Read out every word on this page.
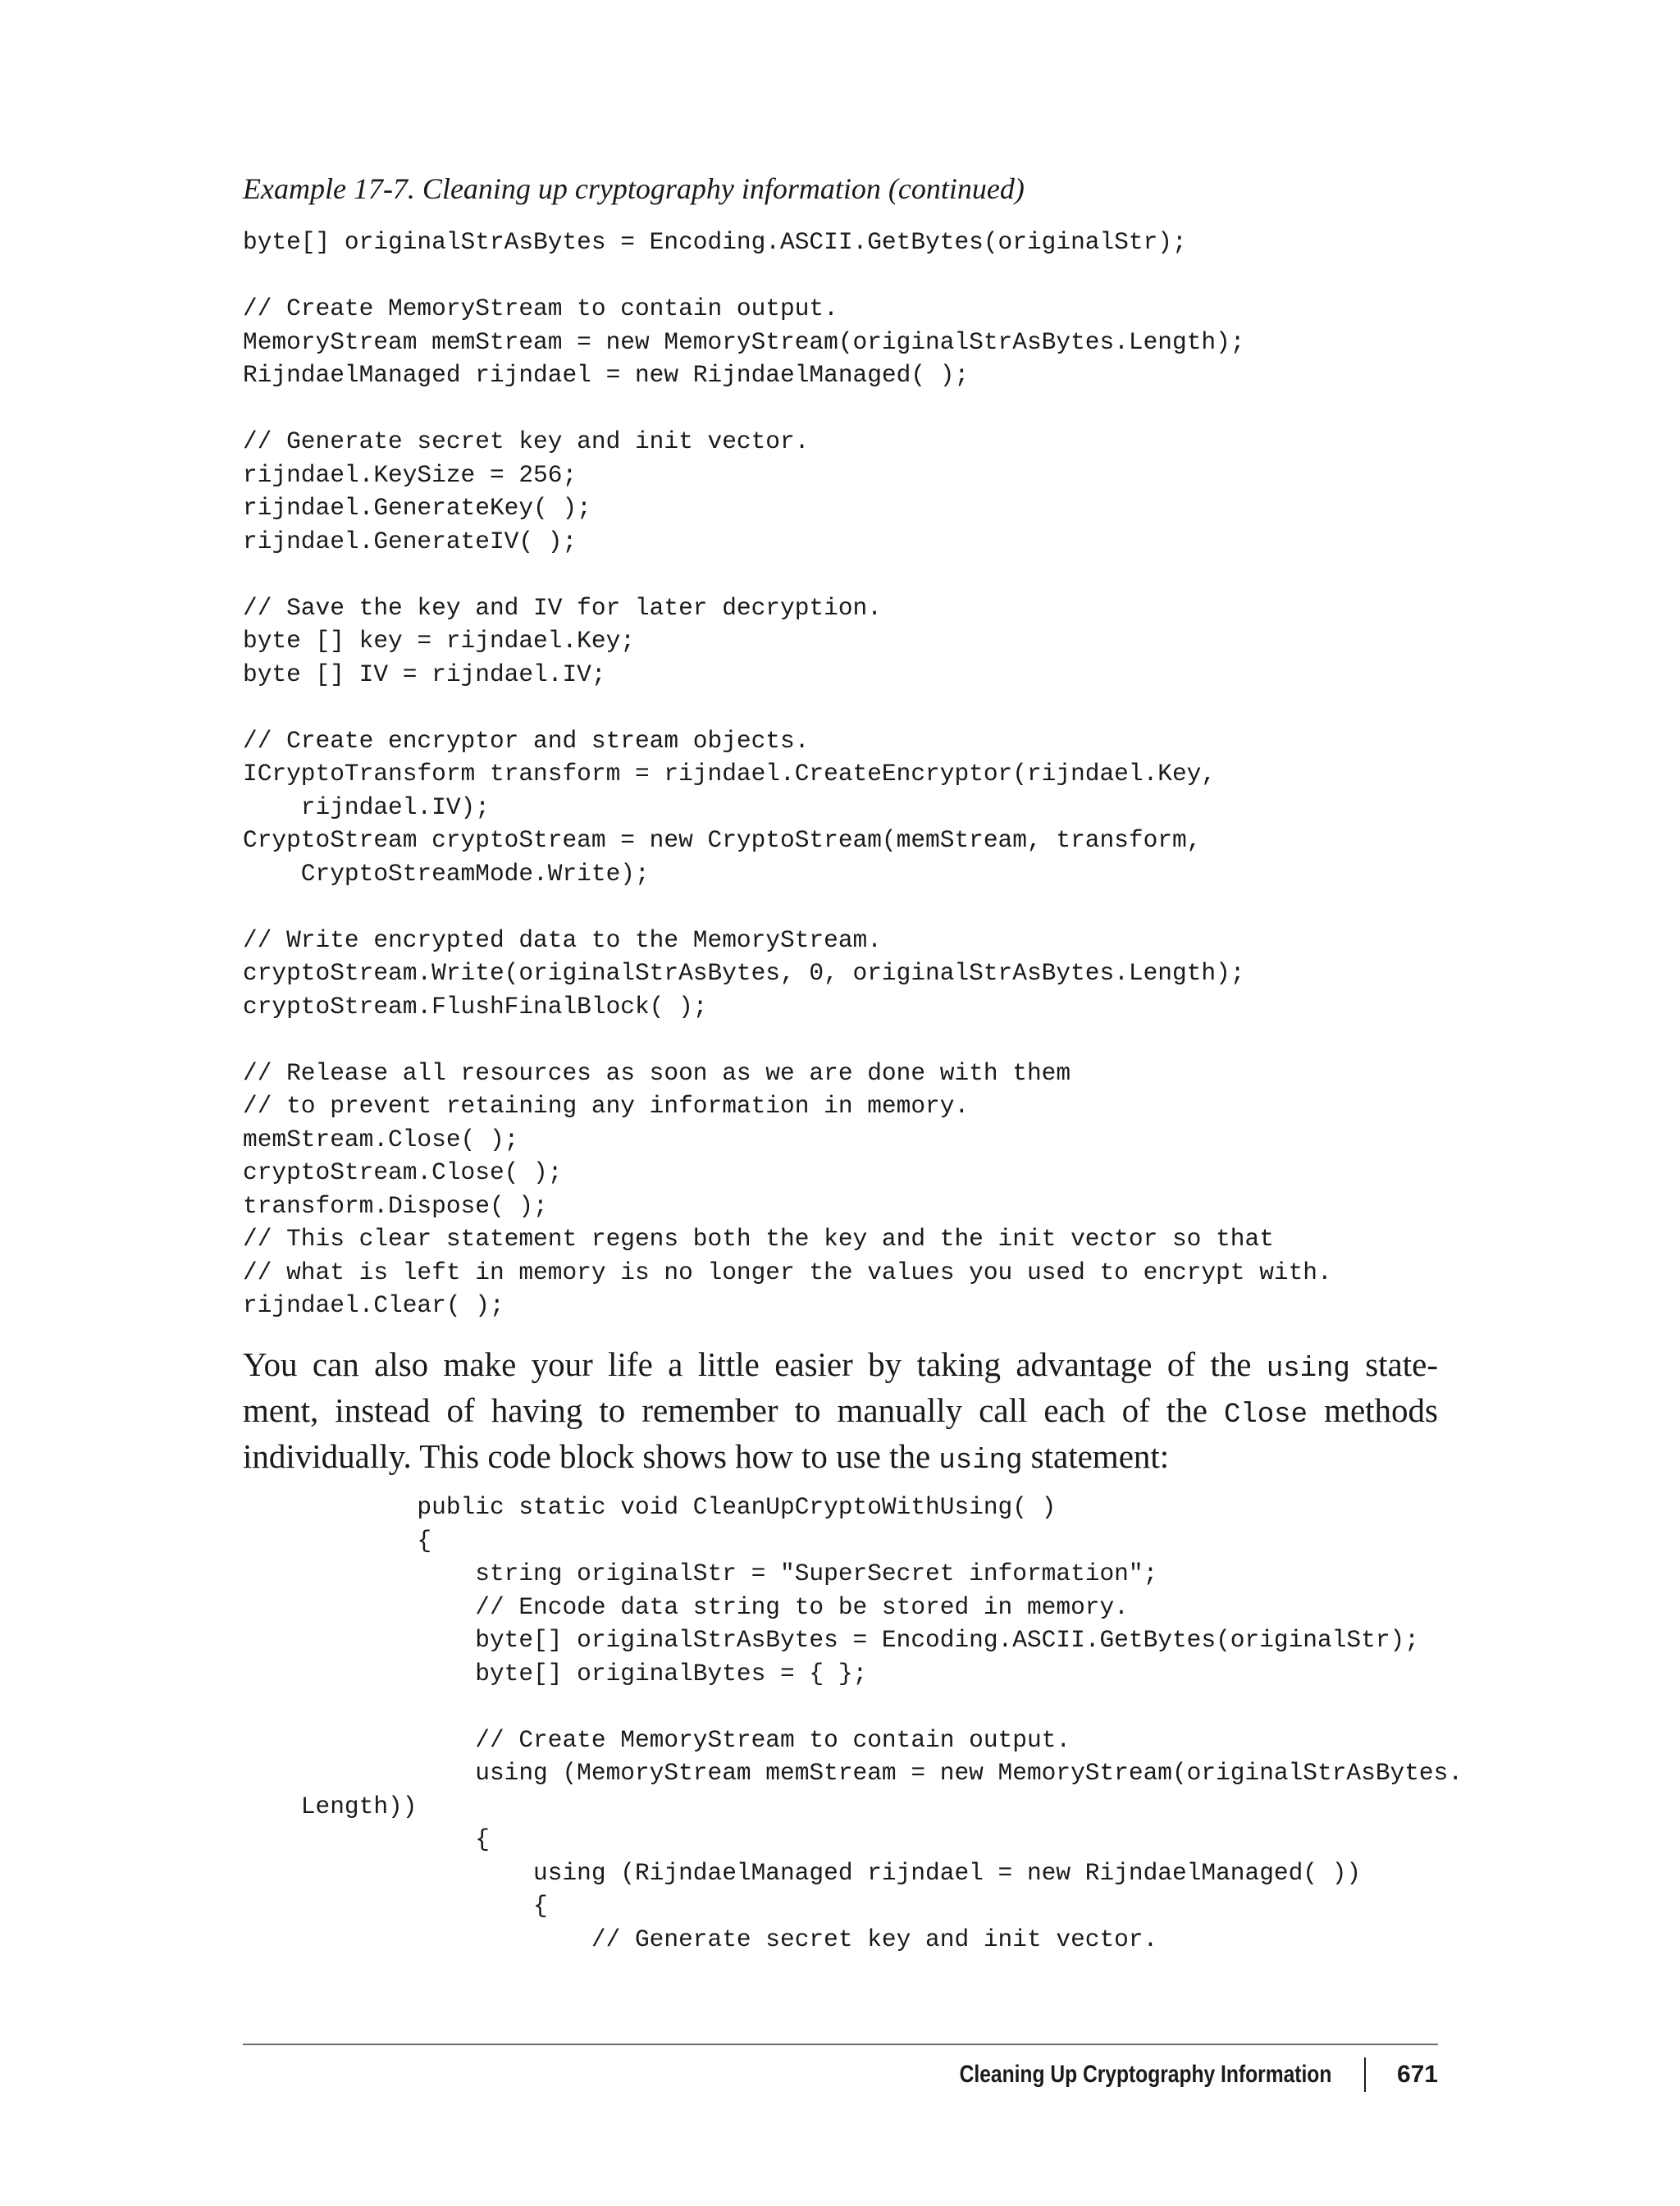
Example 17-7. Cleaning up cryptography information (continued)
byte[] originalStrAsBytes = Encoding.ASCII.GetBytes(originalStr);
// Create MemoryStream to contain output.
MemoryStream memStream = new MemoryStream(originalStrAsBytes.Length);
RijndaelManaged rijndael = new RijndaelManaged( );
// Generate secret key and init vector.
rijndael.KeySize = 256;
rijndael.GenerateKey( );
rijndael.GenerateIV( );
// Save the key and IV for later decryption.
byte [] key = rijndael.Key;
byte [] IV = rijndael.IV;
// Create encryptor and stream objects.
ICryptoTransform transform = rijndael.CreateEncryptor(rijndael.Key,
rijndael.IV);
CryptoStream cryptoStream = new CryptoStream(memStream, transform,
CryptoStreamMode.Write);
// Write encrypted data to the MemoryStream.
cryptoStream.Write(originalStrAsBytes, 0, originalStrAsBytes.Length);
cryptoStream.FlushFinalBlock( );
// Release all resources as soon as we are done with them
// to prevent retaining any information in memory.
memStream.Close( );
cryptoStream.Close( );
transform.Dispose( );
// This clear statement regens both the key and the init vector so that
// what is left in memory is no longer the values you used to encrypt with.
rijndael.Clear( );

You can also make your life a little easier by taking advantage of the using state-
ment, instead of having to remember to manually call each of the Close methods
individually. This code block shows how to use the using statement:

public static void CleanUpCryptoWithUsing( )
{
string originalStr = "SuperSecret information";
// Encode data string to be stored in memory.
byte[] originalStrAsBytes = Encoding.ASCII.GetBytes(originalStr);
byte[] originalBytes = { };
// Create MemoryStream to contain output.
using (MemoryStream memStream = new MemoryStream(originalStrAsBytes.
Length))
{
using (RijndaelManaged rijndael = new RijndaelManaged( ))
{
// Generate secret key and init vector.
Cleaning Up Cryptography Information	671
